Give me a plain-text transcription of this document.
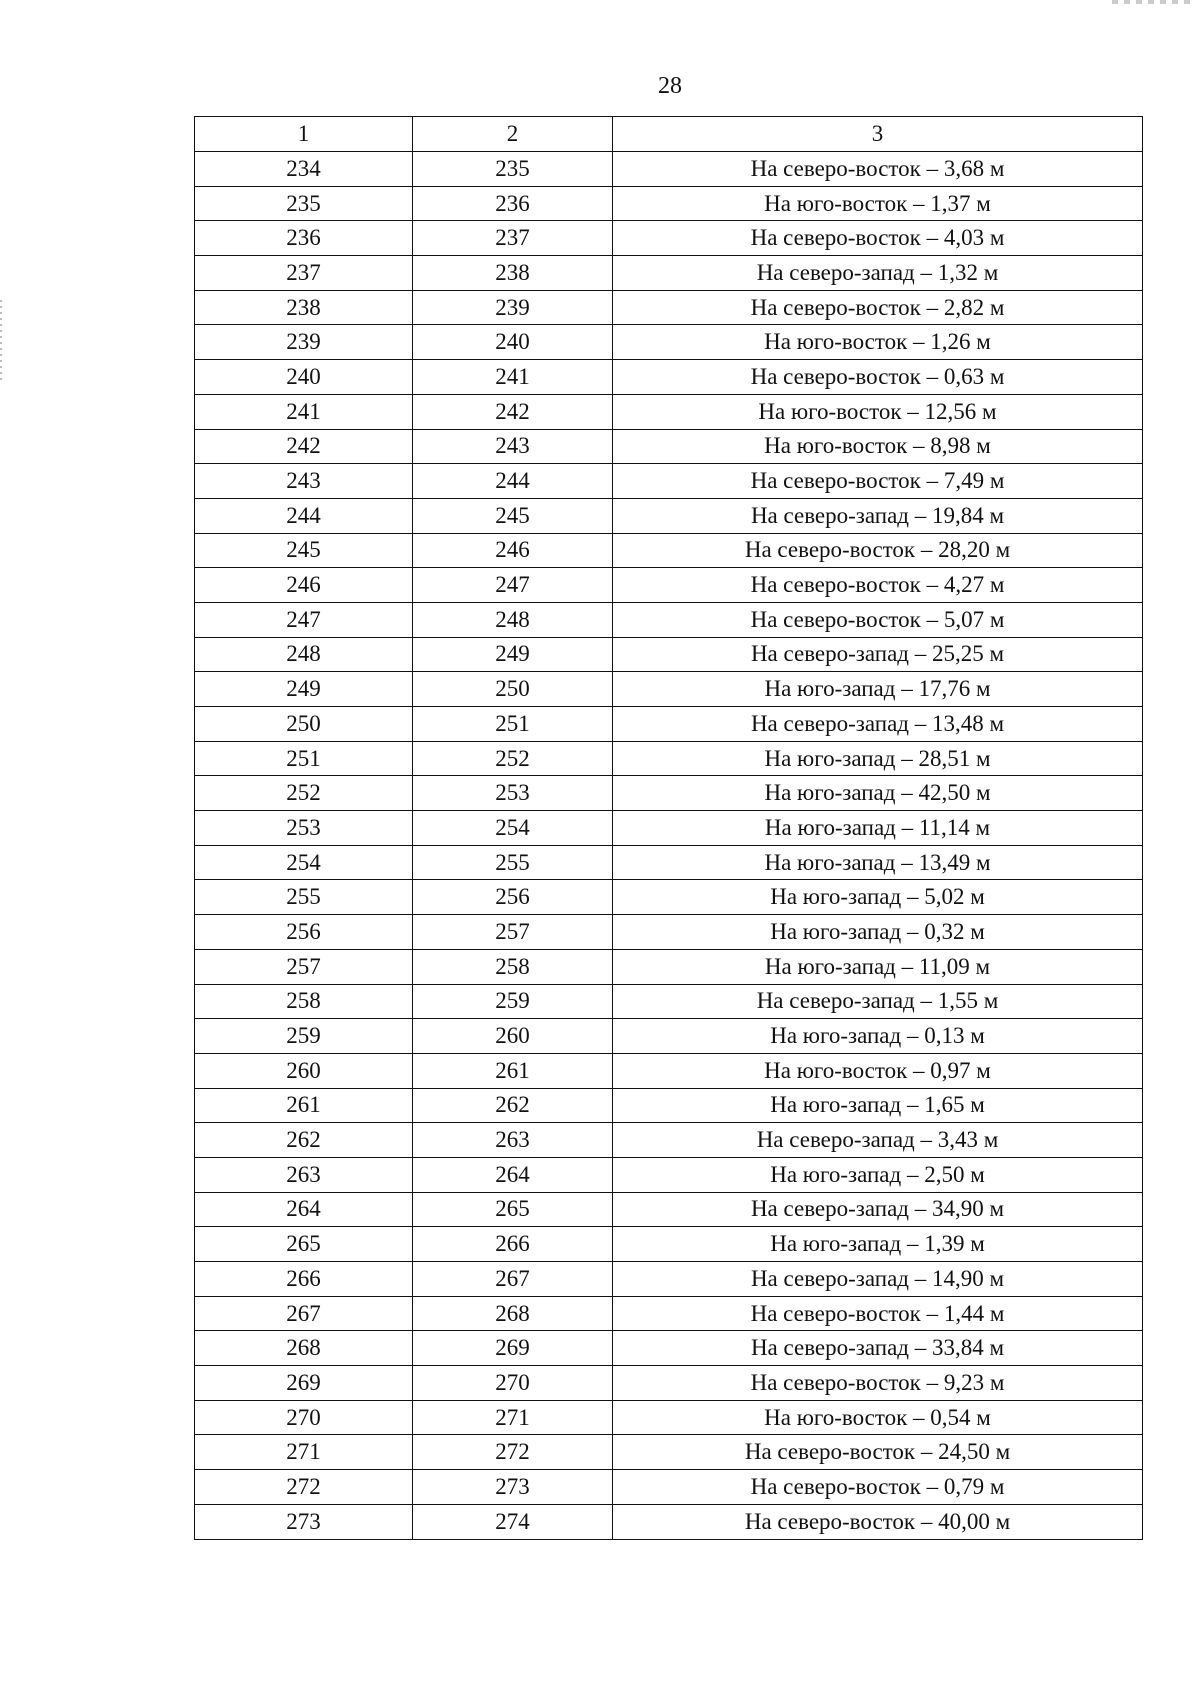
28
1	2	3
234	235	На северо-восток – 3,68 м
235	236	На юго-восток – 1,37 м
236	237	На северо-восток – 4,03 м
237	238	На северо-запад – 1,32 м
238	239	На северо-восток – 2,82 м
239	240	На юго-восток – 1,26 м
240	241	На северо-восток – 0,63 м
241	242	На юго-восток – 12,56 м
242	243	На юго-восток – 8,98 м
243	244	На северо-восток – 7,49 м
244	245	На северо-запад – 19,84 м
245	246	На северо-восток – 28,20 м
246	247	На северо-восток – 4,27 м
247	248	На северо-восток – 5,07 м
248	249	На северо-запад – 25,25 м
249	250	На юго-запад – 17,76 м
250	251	На северо-запад – 13,48 м
251	252	На юго-запад – 28,51 м
252	253	На юго-запад – 42,50 м
253	254	На юго-запад – 11,14 м
254	255	На юго-запад – 13,49 м
255	256	На юго-запад – 5,02 м
256	257	На юго-запад – 0,32 м
257	258	На юго-запад – 11,09 м
258	259	На северо-запад – 1,55 м
259	260	На юго-запад – 0,13 м
260	261	На юго-восток – 0,97 м
261	262	На юго-запад – 1,65 м
262	263	На северо-запад – 3,43 м
263	264	На юго-запад – 2,50 м
264	265	На северо-запад – 34,90 м
265	266	На юго-запад – 1,39 м
266	267	На северо-запад – 14,90 м
267	268	На северо-восток – 1,44 м
268	269	На северо-запад – 33,84 м
269	270	На северо-восток – 9,23 м
270	271	На юго-восток – 0,54 м
271	272	На северо-восток – 24,50 м
272	273	На северо-восток – 0,79 м
273	274	На северо-восток – 40,00 м
